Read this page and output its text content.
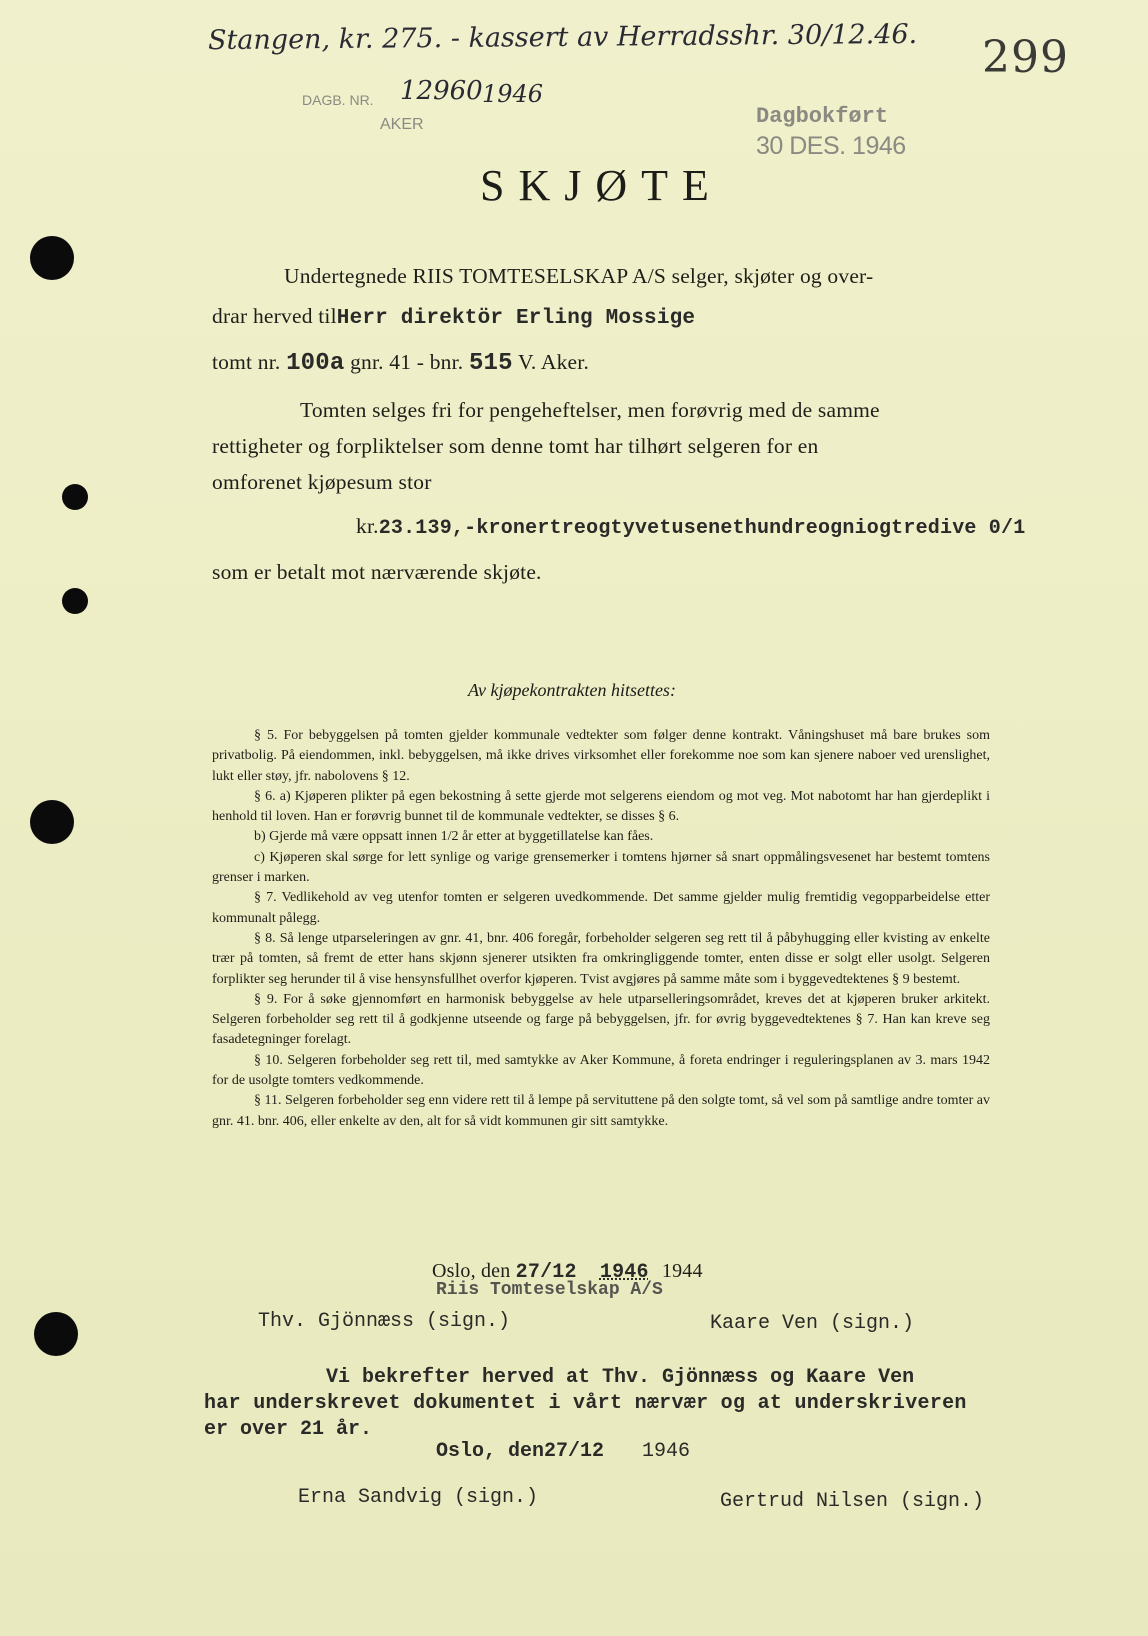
Stangen, kr. 275. - kassert av Herradsshr. 30/12.46. 299
DAGB. NR. 12960 1946
AKER	Dagbokført
30 DES. 1946
SKJØTE
Undertegnede RIIS TOMTESELSKAP A/S selger, skjøter og over-
drar herved tilHerr direktör Erling Mossige
tomt nr. 100a gnr. 41 - bnr. 515 V. Aker.
Tomten selges fri for pengeheftelser, men forøvrig med de samme
rettigheter og forpliktelser som denne tomt har tilhørt selgeren for en
omforenet kjøpesum stor
kr.23.139,-kronertreogtyvetusenethundreogniogtredive 0/1
som er betalt mot nærværende skjøte.
Av kjøpekontrakten hitsettes:

§ 5. For bebyggelsen på tomten gjelder kommunale vedtekter som følger denne kontrakt. Våningshuset må bare brukes som privatbolig. På eiendommen, inkl. bebyggelsen, må ikke drives virksomhet eller forekomme noe som kan sjenere naboer ved urenslighet, lukt eller støy, jfr. nabolovens § 12.

§ 6. a) Kjøperen plikter på egen bekostning å sette gjerde mot selgerens eiendom og mot veg. Mot nabotomt har han gjerdeplikt i henhold til loven. Han er forøvrig bunnet til de kommunale vedtekter, se disses § 6.

b) Gjerde må være oppsatt innen 1/2 år etter at byggetillatelse kan fåes.

c) Kjøperen skal sørge for lett synlige og varige grensemerker i tomtens hjørner så snart oppmålingsvesenet har bestemt tomtens grenser i marken.

§ 7. Vedlikehold av veg utenfor tomten er selgeren uvedkommende. Det samme gjelder mulig fremtidig vegopparbeidelse etter kommunalt pålegg.

§ 8. Så lenge utparseleringen av gnr. 41, bnr. 406 foregår, forbeholder selgeren seg rett til å påbyhugging eller kvisting av enkelte trær på tomten, så fremt de etter hans skjønn sjenerer utsikten fra omkringliggende tomter, enten disse er solgt eller usolgt. Selgeren forplikter seg herunder til å vise hensynsfullhet overfor kjøperen. Tvist avgjøres på samme måte som i byggevedtektenes § 9 bestemt.

§ 9. For å søke gjennomført en harmonisk bebyggelse av hele utparselleringsområdet, kreves det at kjøperen bruker arkitekt. Selgeren forbeholder seg rett til å godkjenne utseende og farge på bebyggelsen, jfr. for øvrig byggevedtektenes § 7. Han kan kreve seg fasadetegninger forelagt.

§ 10. Selgeren forbeholder seg rett til, med samtykke av Aker Kommune, å foreta endringer i reguleringsplanen av 3. mars 1942 for de usolgte tomters vedkommende.

§ 11. Selgeren forbeholder seg enn videre rett til å lempe på servituttene på den solgte tomt, så vel som på samtlige andre tomter av gnr. 41. bnr. 406, eller enkelte av den, alt for så vidt kommunen gir sitt samtykke.

Oslo, den 27/12 1946 1944
Riis Tomteselskap A/S
Thv. Gjönnæss (sign.)	Kaare Ven (sign.)
Vi bekrefter herved at Thv. Gjönnæss og Kaare Ven
har underskrevet dokumentet i vårt nærvær og at underskriveren
er over 21 år.
Oslo, den27/12 1946
Erna Sandvig (sign.)	Gertrud Nilsen (sign.)
